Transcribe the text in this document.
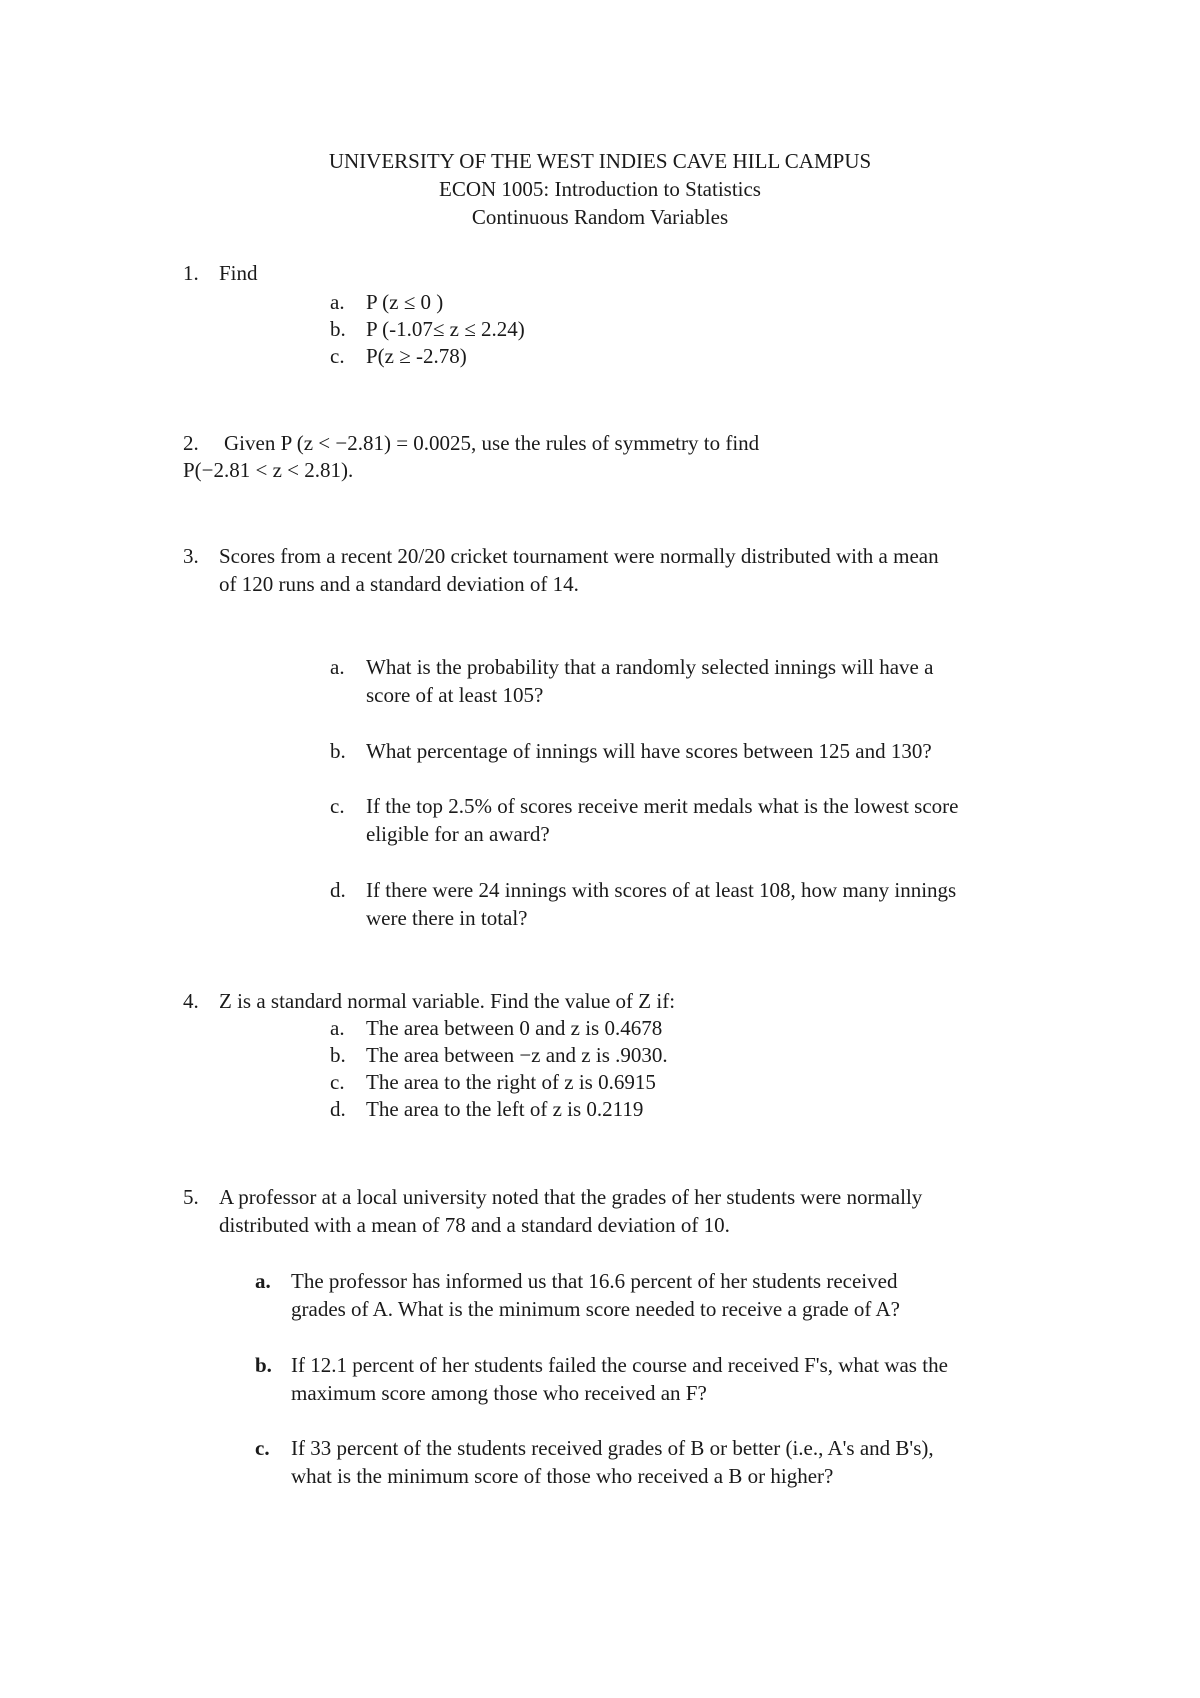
UNIVERSITY OF THE WEST INDIES CAVE HILL CAMPUS
ECON 1005: Introduction to Statistics
Continuous Random Variables
1. Find
a. P (z ≤ 0 )
b. P (-1.07≤ z ≤ 2.24)
c. P(z ≥ -2.78)
2. Given P (z < −2.81) = 0.0025, use the rules of symmetry to find
P(−2.81 < z < 2.81).
3. Scores from a recent 20/20 cricket tournament were normally distributed with a mean
of 120 runs and a standard deviation of 14.
a. What is the probability that a randomly selected innings will have a
score of at least 105?
b. What percentage of innings will have scores between 125 and 130?
c. If the top 2.5% of scores receive merit medals what is the lowest score
eligible for an award?
d. If there were 24 innings with scores of at least 108, how many innings
were there in total?
4. Z is a standard normal variable. Find the value of Z if:
a. The area between 0 and z is 0.4678
b. The area between −z and z is .9030.
c. The area to the right of z is 0.6915
d. The area to the left of z is 0.2119
5. A professor at a local university noted that the grades of her students were normally
distributed with a mean of 78 and a standard deviation of 10.
a. The professor has informed us that 16.6 percent of her students received
grades of A. What is the minimum score needed to receive a grade of A?
b. If 12.1 percent of her students failed the course and received F's, what was the
maximum score among those who received an F?
c. If 33 percent of the students received grades of B or better (i.e., A's and B's),
what is the minimum score of those who received a B or higher?
